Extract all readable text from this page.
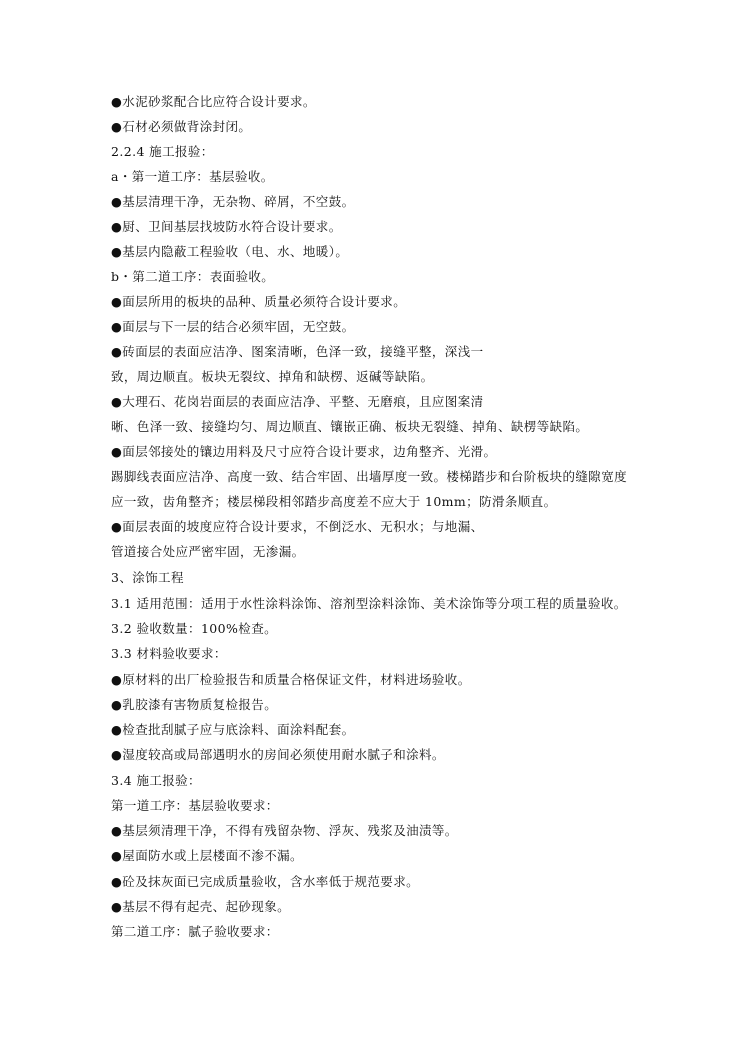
●水泥砂浆配合比应符合设计要求。
●石材必须做背涂封闭。
2.2.4 施工报验：
a・第一道工序：基层验收。
●基层清理干净，无杂物、碎屑，不空鼓。
●厨、卫间基层找坡防水符合设计要求。
●基层内隐蔽工程验收（电、水、地暖）。
b・第二道工序：表面验收。
●面层所用的板块的品种、质量必须符合设计要求。
●面层与下一层的结合必须牢固，无空鼓。
●砖面层的表面应洁净、图案清晰，色泽一致，接缝平整，深浅一
致，周边顺直。板块无裂纹、掉角和缺楞、返碱等缺陷。
●大理石、花岗岩面层的表面应洁净、平整、无磨痕，且应图案清
晰、色泽一致、接缝均匀、周边顺直、镶嵌正确、板块无裂缝、掉角、缺楞等缺陷。
●面层邻接处的镶边用料及尺寸应符合设计要求，边角整齐、光滑。
踢脚线表面应洁净、高度一致、结合牢固、出墙厚度一致。楼梯踏步和台阶板块的缝隙宽度
应一致，齿角整齐；楼层梯段相邻踏步高度差不应大于 10mm；防滑条顺直。
●面层表面的坡度应符合设计要求，不倒泛水、无积水；与地漏、
管道接合处应严密牢固，无渗漏。
3、涂饰工程
3.1 适用范围：适用于水性涂料涂饰、溶剂型涂料涂饰、美术涂饰等分项工程的质量验收。
3.2 验收数量：100%检查。
3.3 材料验收要求：
●原材料的出厂检验报告和质量合格保证文件，材料进场验收。
●乳胶漆有害物质复检报告。
●检查批刮腻子应与底涂料、面涂料配套。
●湿度较高或局部遇明水的房间必须使用耐水腻子和涂料。
3.4 施工报验：
第一道工序：基层验收要求：
●基层须清理干净，不得有残留杂物、浮灰、残浆及油渍等。
●屋面防水或上层楼面不渗不漏。
●砼及抹灰面已完成质量验收，含水率低于规范要求。
●基层不得有起壳、起砂现象。
第二道工序：腻子验收要求：
